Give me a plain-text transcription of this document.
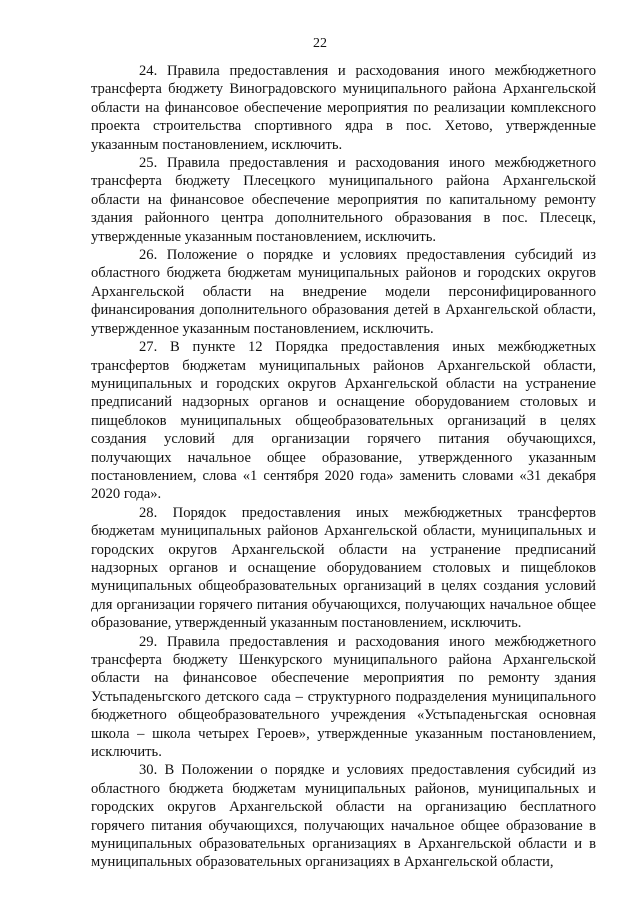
22

24. Правила предоставления и расходования иного межбюджетного трансферта бюджету Виноградовского муниципального района Архангельской области на финансовое обеспечение мероприятия по реализации комплексного проекта строительства спортивного ядра в пос. Хетово, утвержденные указанным постановлением, исключить.

25. Правила предоставления и расходования иного межбюджетного трансферта бюджету Плесецкого муниципального района Архангельской области на финансовое обеспечение мероприятия по капитальному ремонту здания районного центра дополнительного образования в пос. Плесецк, утвержденные указанным постановлением, исключить.

26. Положение о порядке и условиях предоставления субсидий из областного бюджета бюджетам муниципальных районов и городских округов Архангельской области на внедрение модели персонифицированного финансирования дополнительного образования детей в Архангельской области, утвержденное указанным постановлением, исключить.

27. В пункте 12 Порядка предоставления иных межбюджетных трансфертов бюджетам муниципальных районов Архангельской области, муниципальных и городских округов Архангельской области на устранение предписаний надзорных органов и оснащение оборудованием столовых и пищеблоков муниципальных общеобразовательных организаций в целях создания условий для организации горячего питания обучающихся, получающих начальное общее образование, утвержденного указанным постановлением, слова «1 сентября 2020 года» заменить словами «31 декабря 2020 года».

28. Порядок предоставления иных межбюджетных трансфертов бюджетам муниципальных районов Архангельской области, муниципальных и городских округов Архангельской области на устранение предписаний надзорных органов и оснащение оборудованием столовых и пищеблоков муниципальных общеобразовательных организаций в целях создания условий для организации горячего питания обучающихся, получающих начальное общее образование, утвержденный указанным постановлением, исключить.

29. Правила предоставления и расходования иного межбюджетного трансферта бюджету Шенкурского муниципального района Архангельской области на финансовое обеспечение мероприятия по ремонту здания Устьпаденьгского детского сада – структурного подразделения муниципального бюджетного общеобразовательного учреждения «Устьпаденьгская основная школа – школа четырех Героев», утвержденные указанным постановлением, исключить.

30. В Положении о порядке и условиях предоставления субсидий из областного бюджета бюджетам муниципальных районов, муниципальных и городских округов Архангельской области на организацию бесплатного горячего питания обучающихся, получающих начальное общее образование в муниципальных образовательных организациях в Архангельской области и в муниципальных образовательных организациях в Архангельской области,
